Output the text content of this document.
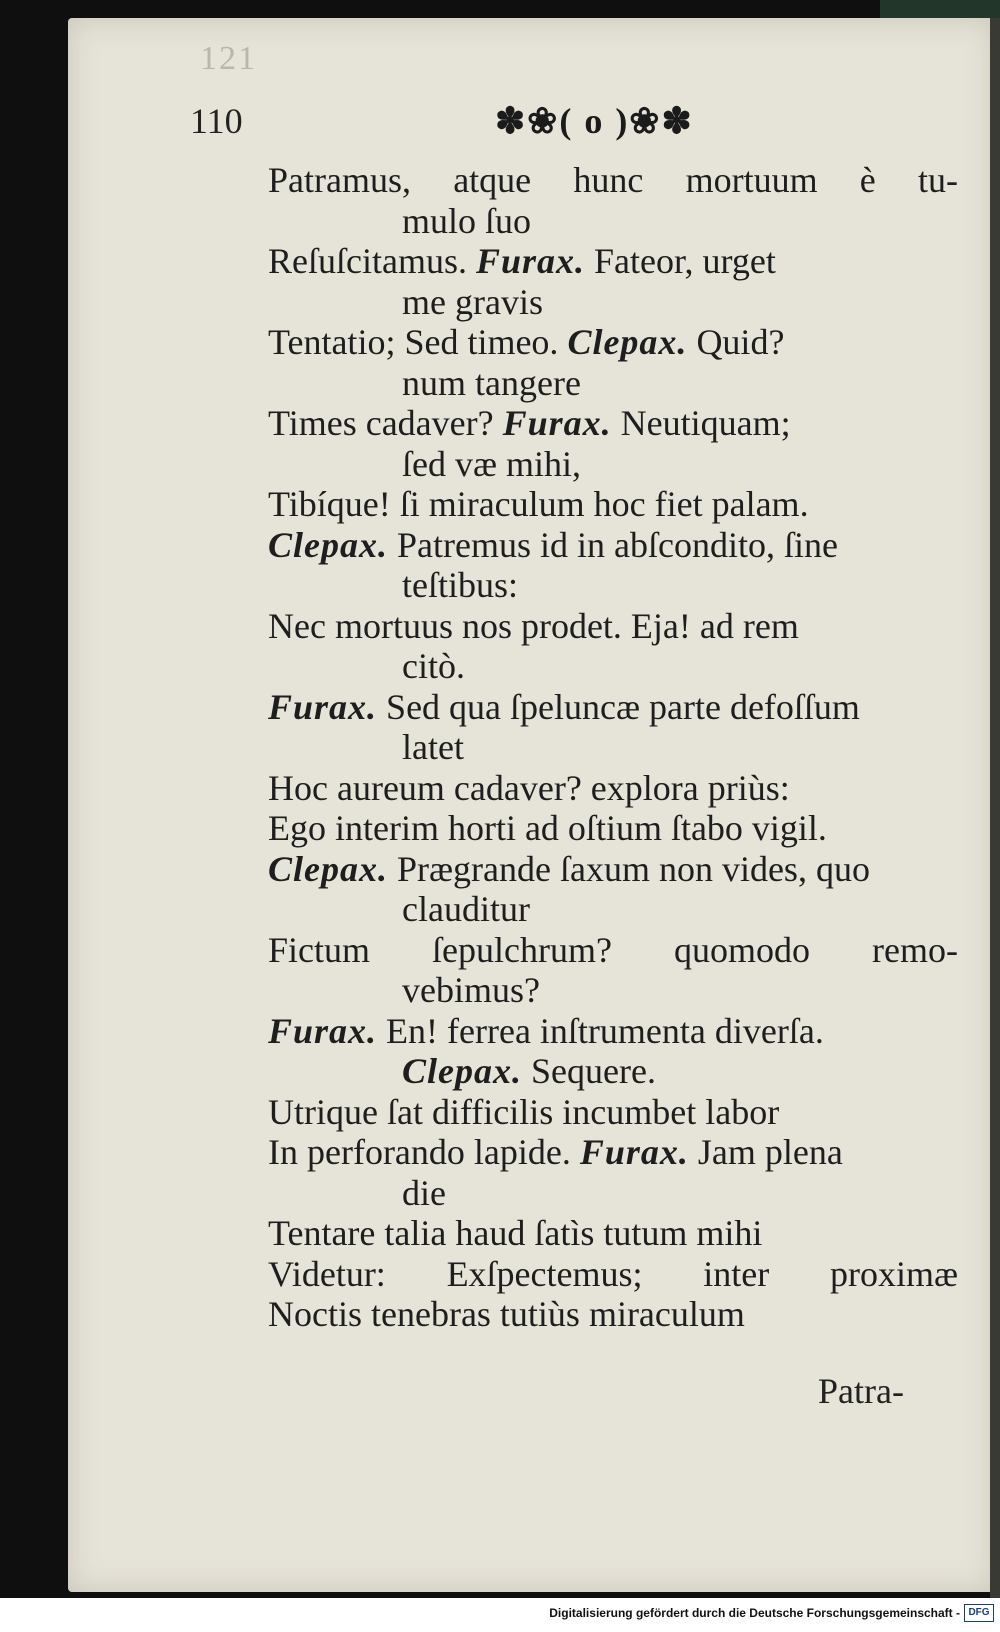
121
110	✽❀( o )❀✽
Patramus, atque hunc mortuum è tu-
mulo ſuo
Reſuſcitamus. Furax. Fateor, urget
me gravis
Tentatio; Sed timeo. Clepax. Quid?
num tangere
Times cadaver? Furax. Neutiquam;
ſed væ mihi,
Tibíque! ſi miraculum hoc fiet palam.
Clepax. Patremus id in abſcondito, ſine
teſtibus:
Nec mortuus nos prodet. Eja! ad rem
citò.
Furax. Sed qua ſpeluncæ parte defoſſum
latet
Hoc aureum cadaver? explora priùs:
Ego interim horti ad oſtium ſtabo vigil.
Clepax. Prægrande ſaxum non vides, quo
clauditur
Fictum ſepulchrum? quomodo remo-
vebimus?
Furax. En! ferrea inſtrumenta diverſa.
Clepax. Sequere.
Utrique ſat difficilis incumbet labor
In perforando lapide. Furax. Jam plena
die
Tentare talia haud ſatìs tutum mihi
Videtur: Exſpectemus; inter proximæ
Noctis tenebras tutiùs miraculum
Patra-
Digitalisierung gefördert durch die Deutsche Forschungsgemeinschaft - DFG
